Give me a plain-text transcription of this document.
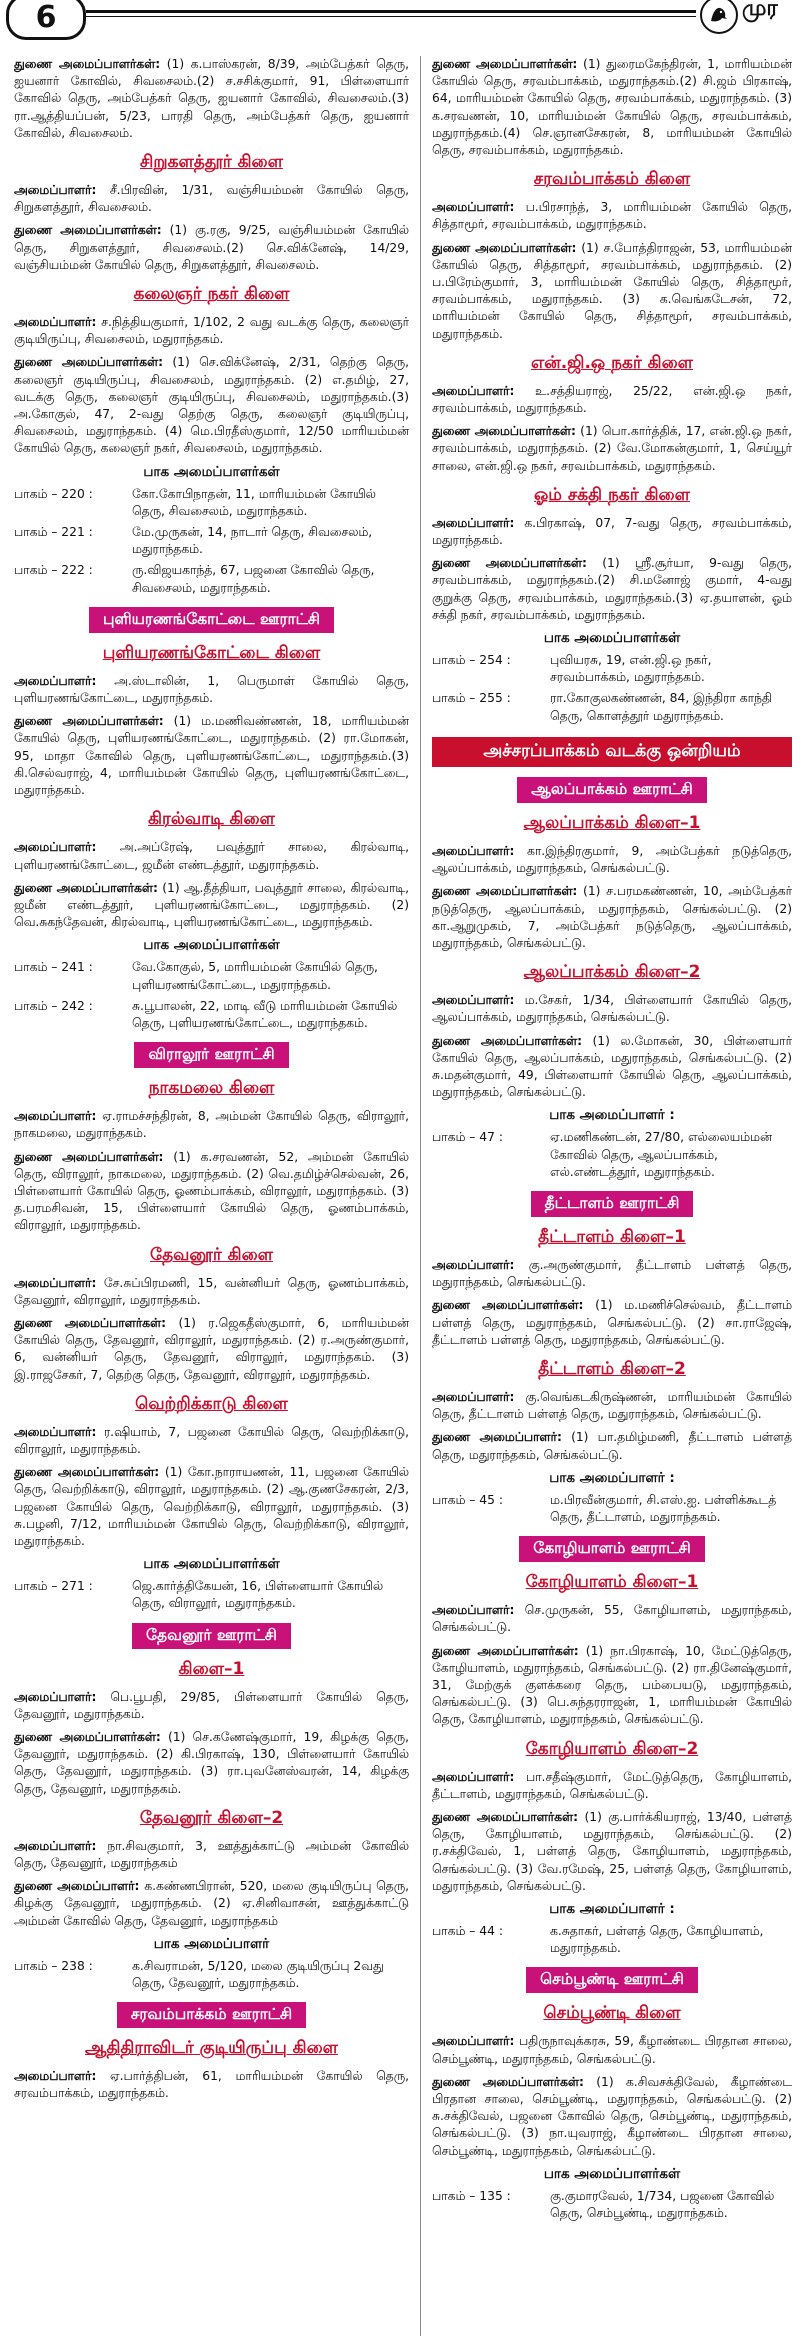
6	முர

துணை அமைப்பாளர்கள்: (1) க.பாஸ்கரன், 8/39, அம்பேத்கர் தெரு, ஐயனார் கோவில், சிவசைலம்.(2) ச.சசிக்குமார், 91, பிள்ளையார் கோவில் தெரு, அம்பேத்கர் தெரு, ஐயனார் கோவில், சிவசைலம்.(3) ரா.ஆத்தியப்பன், 5/23, பாரதி தெரு, அம்பேத்கர் தெரு, ஐயனார் கோவில், சிவசைலம்.

சிறுகளத்தூர் கிளை

அமைப்பாளர்: சீ.பிரவின், 1/31, வஞ்சியம்மன் கோயில் தெரு, சிறுகளத்தூர், சிவசைலம்.

துணை அமைப்பாளர்கள்: (1) கு.ரகு, 9/25, வஞ்சியம்மன் கோயில் தெரு, சிறுகளத்தூர், சிவசைலம்.(2) செ.விக்னேஷ், 14/29, வஞ்சியம்மன் கோயில் தெரு, சிறுகளத்தூர், சிவசைலம்.

கலைஞர் நகர் கிளை

அமைப்பாளர்: ச.நித்தியகுமார், 1/102, 2 வது வடக்கு தெரு, கலைஞர் குடியிருப்பு, சிவசைலம், மதுராந்தகம்.

துணை அமைப்பாளர்கள்: (1) செ.விக்னேஷ், 2/31, தெற்கு தெரு, கலைஞர் குடியிருப்பு, சிவசைலம், மதுராந்தகம். (2) எ.தமிழ், 27, வடக்கு தெரு, கலைஞர் குடியிருப்பு, சிவசைலம், மதுராந்தகம்.(3) அ.கோகுல், 47, 2-வது தெற்கு தெரு, கலைஞர் குடியிருப்பு, சிவசைலம், மதுராந்தகம். (4) மெ.பிரதீஸ்குமார், 12/50 மாரியம்மன் கோயில் தெரு, கலைஞர் நகர், சிவசைலம், மதுராந்தகம்.

பாக அமைப்பாளர்கள்
பாகம் – 220 :	கோ.கோபிநாதன், 11, மாரியம்மன் கோயில் தெரு, சிவசைலம், மதுராந்தகம்.
பாகம் – 221 :	மே.முருகன், 14, நாடார் தெரு, சிவசைலம், மதுராந்தகம்.
பாகம் – 222 :	ரு.விஜயகாந்த், 67, பஜனை கோவில் தெரு, சிவசைலம், மதுராந்தகம்.
புளியரணங்கோட்டை ஊராட்சி
புளியரணங்கோட்டை கிளை

அமைப்பாளர்: அ.ஸ்டாலின், 1, பெருமாள் கோயில் தெரு, புளியரணங்கோட்டை, மதுராந்தகம்.

துணை அமைப்பாளர்கள்: (1) ம.மணிவண்ணன், 18, மாரியம்மன் கோயில் தெரு, புளியரணங்கோட்டை, மதுராந்தகம். (2) ரா.மோகன், 95, மாதா கோவில் தெரு, புளியரணங்கோட்டை, மதுராந்தகம்.(3) கி.செல்வராஜ், 4, மாரியம்மன் கோயில் தெரு, புளியரணங்கோட்டை, மதுராந்தகம்.

கிரல்வாடி கிளை

அமைப்பாளர்: அ.அப்ரேஷ், பவுத்தூர் சாலை, கிரல்வாடி, புளியரணங்கோட்டை, ஜமீன் எண்டத்தூர், மதுராந்தகம்.

துணை அமைப்பாளர்கள்: (1) ஆ.தீத்தியா, பவுத்தூர் சாலை, கிரல்வாடி, ஜமீன் எண்டத்தூர், புளியரணங்கோட்டை, மதுராந்தகம். (2) வெ.சுகந்தேவன், கிரல்வாடி, புளியரணங்கோட்டை, மதுராந்தகம்.

பாக அமைப்பாளர்கள்
பாகம் – 241 :	வே.கோகுல், 5, மாரியம்மன் கோயில் தெரு, புளியரணங்கோட்டை, மதுராந்தகம்.
பாகம் – 242 :	சு.பூபாலன், 22, மாடி வீடு மாரியம்மன் கோயில் தெரு, புளியரணங்கோட்டை, மதுராந்தகம்.
விராலூர் ஊராட்சி
நாகமலை கிளை

அமைப்பாளர்: ஏ.ராமச்சந்திரன், 8, அம்மன் கோயில் தெரு, விராலூர், நாகமலை, மதுராந்தகம்.

துணை அமைப்பாளர்கள்: (1) க.சரவணன், 52, அம்மன் கோயில் தெரு, விராலூர், நாகமலை, மதுராந்தகம். (2) வெ.தமிழ்ச்செல்வன், 26, பிள்ளையார் கோயில் தெரு, ஓணம்பாக்கம், விராலூர், மதுராந்தகம். (3) த.பரமசிவன், 15, பிள்ளையார் கோயில் தெரு, ஓணம்பாக்கம், விராலூர், மதுராந்தகம்.

தேவனூர் கிளை

அமைப்பாளர்: சே.சுப்பிரமணி, 15, வன்னியர் தெரு, ஓணம்பாக்கம், தேவனூர், விராலூர், மதுராந்தகம்.

துணை அமைப்பாளர்கள்: (1) ர.ஜெகதீஸ்குமார், 6, மாரியம்மன் கோயில் தெரு, தேவனூர், விராலூர், மதுராந்தகம். (2) ர.அருண்குமார், 6, வன்னியர் தெரு, தேவனூர், விராலூர், மதுராந்தகம். (3) இ.ராஜசேகர், 7, தெற்கு தெரு, தேவனூர், விராலூர், மதுராந்தகம்.

வெற்றிக்காடு கிளை

அமைப்பாளர்: ர.ஷியாம், 7, பஜனை கோயில் தெரு, வெற்றிக்காடு, விராலூர், மதுராந்தகம்.

துணை அமைப்பாளர்கள்: (1) கோ.நாராயணன், 11, பஜனை கோயில் தெரு, வெற்றிக்காடு, விராலூர், மதுராந்தகம். (2) ஆ.குணசேகரன், 2/3, பஜனை கோயில் தெரு, வெற்றிக்காடு, விராலூர், மதுராந்தகம். (3) சு.பழனி, 7/12, மாரியம்மன் கோயில் தெரு, வெற்றிக்காடு, விராலூர், மதுராந்தகம்.

பாக அமைப்பாளர்கள்
பாகம் – 271 :	ஜெ.கார்த்திகேயன், 16, பிள்ளையார் கோயில் தெரு, விராலூர், மதுராந்தகம்.
தேவனூர் ஊராட்சி
கிளை–1

அமைப்பாளர்: பெ.பூபதி, 29/85, பிள்ளையார் கோயில் தெரு, தேவனூர், மதுராந்தகம்.

துணை அமைப்பாளர்கள்: (1) செ.கணேஷ்குமார், 19, கிழக்கு தெரு, தேவனூர், மதுராந்தகம். (2) கி.பிரகாஷ், 130, பிள்ளையார் கோயில் தெரு, தேவனூர், மதுராந்தகம். (3) ரா.புவனேஸ்வரன், 14, கிழக்கு தெரு, தேவனூர், மதுராந்தகம்.

தேவனூர் கிளை–2

அமைப்பாளர்: நா.சிவகுமார், 3, ஊத்துக்காட்டு அம்மன் கோவில் தெரு, தேவனூர், மதுராந்தகம்

துணை அமைப்பாளர்: க.கண்ணபிரான், 520, மலை குடியிருப்பு தெரு, கிழக்கு தேவனூர், மதுராந்தகம். (2) ஏ.சினிவாசன், ஊத்துக்காட்டு அம்மன் கோவில் தெரு, தேவனூர், மதுராந்தகம்

பாக அமைப்பாளர்
பாகம் – 238 :	க.சிவராமன், 5/120, மலை குடியிருப்பு 2வது தெரு, தேவனூர், மதுராந்தகம்.
சரவம்பாக்கம் ஊராட்சி
ஆதிதிராவிடர் குடியிருப்பு கிளை

அமைப்பாளர்: ஏ.பார்த்திபன், 61, மாரியம்மன் கோயில் தெரு, சரவம்பாக்கம், மதுராந்தகம்.

துணை அமைப்பாளர்கள்: (1) துரைமகேந்திரன், 1, மாரியம்மன் கோயில் தெரு, சரவம்பாக்கம், மதுராந்தகம்.(2) சி.ஜம் பிரகாஷ், 64, மாரியம்மன் கோயில் தெரு, சரவம்பாக்கம், மதுராந்தகம். (3) க.சரவணன், 10, மாரியம்மன் கோயில் தெரு, சரவம்பாக்கம், மதுராந்தகம்.(4) செ.ஞானசேகரன், 8, மாரியம்மன் கோயில் தெரு, சரவம்பாக்கம், மதுராந்தகம்.

சரவம்பாக்கம் கிளை

அமைப்பாளர்: ப.பிரசாந்த், 3, மாரியம்மன் கோயில் தெரு, சித்தாமூர், சரவம்பாக்கம், மதுராந்தகம்.

துணை அமைப்பாளர்கள்: (1) ச.போத்திராஜன், 53, மாரியம்மன் கோயில் தெரு, சித்தாமூர், சரவம்பாக்கம், மதுராந்தகம். (2) ப.பிரேம்குமார், 3, மாரியம்மன் கோயில் தெரு, சித்தாமூர், சரவம்பாக்கம், மதுராந்தகம். (3) க.வெங்கடேசன், 72, மாரியம்மன் கோயில் தெரு, சித்தாமூர், சரவம்பாக்கம், மதுராந்தகம்.

என்.ஜி.ஒ நகர் கிளை

அமைப்பாளர்: உ.சத்தியராஜ், 25/22, என்.ஜி.ஒ நகர், சரவம்பாக்கம், மதுராந்தகம்.

துணை அமைப்பாளர்கள்: (1) பொ.கார்த்திக், 17, என்.ஜி.ஒ நகர், சரவம்பாக்கம், மதுராந்தகம். (2) வே.மோகன்குமார், 1, செய்யூர் சாலை, என்.ஜி.ஒ நகர், சரவம்பாக்கம், மதுராந்தகம்.

ஓம் சக்தி நகர் கிளை

அமைப்பாளர்: க.பிரகாஷ், 07, 7-வது தெரு, சரவம்பாக்கம், மதுராந்தகம்.

துணை அமைப்பாளர்கள்: (1) ஸ்ரீ.சூர்யா, 9-வது தெரு, சரவம்பாக்கம், மதுராந்தகம்.(2) சி.மனோஜ் குமார், 4-வது குறுக்கு தெரு, சரவம்பாக்கம், மதுராந்தகம்.(3) ஏ.தயாளன், ஓம் சக்தி நகர், சரவம்பாக்கம், மதுராந்தகம்.

பாக அமைப்பாளர்கள்
பாகம் – 254 :	புவியரசு, 19, என்.ஜி.ஒ நகர், சரவம்பாக்கம், மதுராந்தகம்.
பாகம் – 255 :	ரா.கோகுலகண்ணன், 84, இந்திரா காந்தி தெரு, கொளத்தூர் மதுராந்தகம்.
அச்சரப்பாக்கம் வடக்கு ஒன்றியம்
ஆலப்பாக்கம் ஊராட்சி
ஆலப்பாக்கம் கிளை–1

அமைப்பாளர்: கா.இந்திரகுமார், 9, அம்பேத்கர் நடுத்தெரு, ஆலப்பாக்கம், மதுராந்தகம், செங்கல்பட்டு.

துணை அமைப்பாளர்கள்: (1) ச.பரமகண்ணன், 10, அம்பேத்கர் நடுத்தெரு, ஆலப்பாக்கம், மதுராந்தகம், செங்கல்பட்டு. (2) கா.ஆறுமுகம், 7, அம்பேத்கர் நடுத்தெரு, ஆலப்பாக்கம், மதுராந்தகம், செங்கல்பட்டு.

ஆலப்பாக்கம் கிளை–2

அமைப்பாளர்: ம.சேகர், 1/34, பிள்ளையார் கோயில் தெரு, ஆலப்பாக்கம், மதுராந்தகம், செங்கல்பட்டு.

துணை அமைப்பாளர்கள்: (1) ல.மோகன், 30, பிள்ளையார் கோயில் தெரு, ஆலப்பாக்கம், மதுராந்தகம், செங்கல்பட்டு. (2) சு.மதன்குமார், 49, பிள்ளையார் கோயில் தெரு, ஆலப்பாக்கம், மதுராந்தகம், செங்கல்பட்டு.

பாக அமைப்பாளர் :
பாகம் – 47 :	ஏ.மணிகண்டன், 27/80, எல்லையம்மன் கோவில் தெரு, ஆலப்பாக்கம், எல்.எண்டத்தூர், மதுராந்தகம்.
தீட்டாளம் ஊராட்சி
தீட்டாளம் கிளை–1

அமைப்பாளர்: கு.அருண்குமார், தீட்டாளம் பள்ளத் தெரு, மதுராந்தகம், செங்கல்பட்டு.

துணை அமைப்பாளர்கள்: (1) ம.மணிச்செல்வம், தீட்டாளம் பள்ளத் தெரு, மதுராந்தகம், செங்கல்பட்டு. (2) சா.ராஜேஷ், தீட்டாளம் பள்ளத் தெரு, மதுராந்தகம், செங்கல்பட்டு.

தீட்டாளம் கிளை–2

அமைப்பாளர்: கு.வெங்கடகிருஷ்ணன், மாரியம்மன் கோயில் தெரு, தீட்டாளம் பள்ளத் தெரு, மதுராந்தகம், செங்கல்பட்டு.

துணை அமைப்பாளர்: (1) பா.தமிழ்மணி, தீட்டாளம் பள்ளத் தெரு, மதுராந்தகம், செங்கல்பட்டு.

பாக அமைப்பாளர் :
பாகம் – 45 :	ம.பிரவீன்குமார், சி.எஸ்.ஐ. பள்ளிக்கூடத் தெரு, தீட்டாளம், மதுராந்தகம்.
கோழியாளம் ஊராட்சி
கோழியாளம் கிளை–1

அமைப்பாளர்: செ.முருகன், 55, கோழியாளம், மதுராந்தகம், செங்கல்பட்டு.

துணை அமைப்பாளர்கள்: (1) நா.பிரகாஷ், 10, மேட்டுத்தெரு, கோழியாளம், மதுராந்தகம், செங்கல்பட்டு. (2) ரா.தினேஷ்குமார், 31, மேற்குக் குளக்கரை தெரு, பம்பையடு, மதுராந்தகம், செங்கல்பட்டு. (3) பெ.சுந்தரராஜன், 1, மாரியம்மன் கோயில் தெரு, கோழியாளம், மதுராந்தகம், செங்கல்பட்டு.

கோழியாளம் கிளை–2

அமைப்பாளர்: பா.சதீஷ்குமார், மேட்டுத்தெரு, கோழியாளம், தீட்டாளம், மதுராந்தகம், செங்கல்பட்டு.

துணை அமைப்பாளர்கள்: (1) கு.பார்க்கியராஜ், 13/40, பள்ளத் தெரு, கோழியாளம், மதுராந்தகம், செங்கல்பட்டு. (2) ர.சக்திவேல், 1, பள்ளத் தெரு, கோழியாளம், மதுராந்தகம், செங்கல்பட்டு. (3) வே.ரமேஷ், 25, பள்ளத் தெரு, கோழியாளம், மதுராந்தகம், செங்கல்பட்டு.

பாக அமைப்பாளர் :
பாகம் – 44 :	க.சுதாகர், பள்ளத் தெரு, கோழியாளம், மதுராந்தகம்.
செம்பூண்டி ஊராட்சி
செம்பூண்டி கிளை

அமைப்பாளர்: பதிருநாவுக்கரசு, 59, கீழாண்டை பிரதான சாலை, செம்பூண்டி, மதுராந்தகம், செங்கல்பட்டு.

துணை அமைப்பாளர்கள்: (1) க.சிவசக்திவேல், கீழாண்டை பிரதான சாலை, செம்பூண்டி, மதுராந்தகம், செங்கல்பட்டு. (2) சு.சக்திவேல், பஜனை கோவில் தெரு, செம்பூண்டி, மதுராந்தகம், செங்கல்பட்டு. (3) நா.யுவராஜ், கீழாண்டை பிரதான சாலை, செம்பூண்டி, மதுராந்தகம், செங்கல்பட்டு.

பாக அமைப்பாளர்கள்
பாகம் – 135 :	கு.குமாரவேல், 1/734, பஜனை கோவில் தெரு, செம்பூண்டி, மதுராந்தகம்.
